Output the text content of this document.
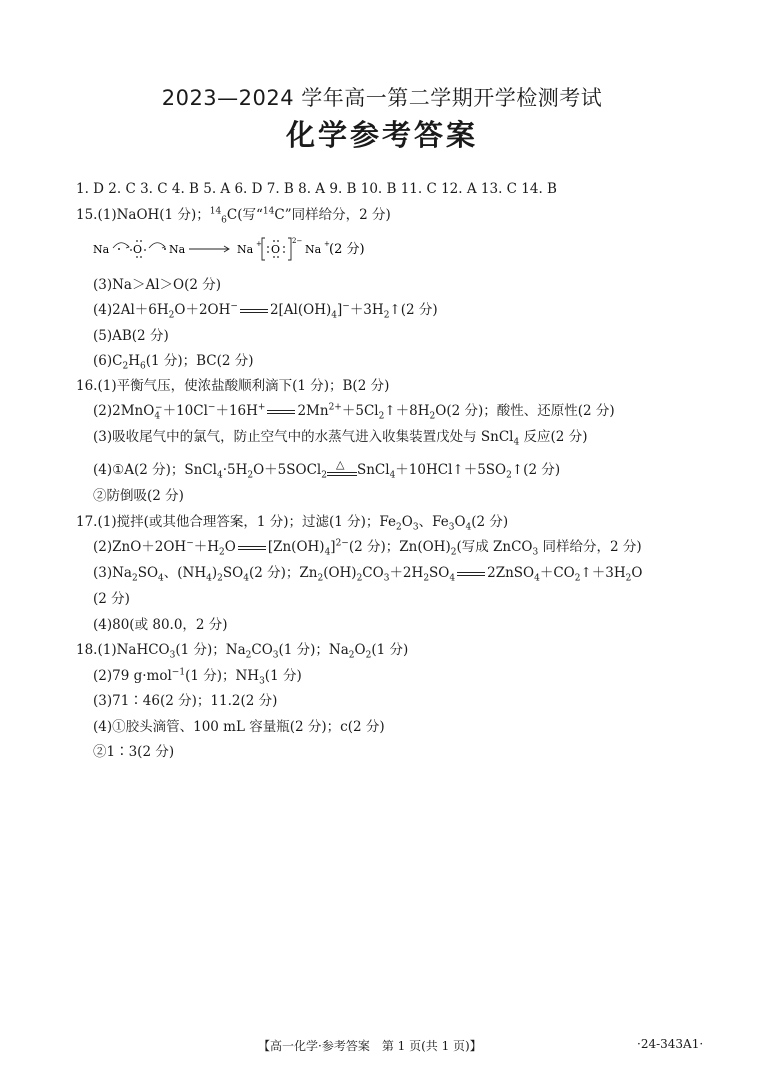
2023—2024 学年高一第二学期开学检测考试
化学参考答案
1. D 2. C 3. C 4. B 5. A 6. D 7. B 8. A 9. B 10. B 11. C 12. A 13. C 14. B
15.(1)NaOH(1 分)；$^{14}_6$C(写“$^{14}$C”同样给分，2 分)
Na O Na	Na + O
2−
Na + (2 分)
(3)Na＞Al＞O(2 分)
$(4)2Al+6H_2O+2OH^-$ $2[Al(OH)_4]^-+3H_2↑(2$ 分)
(5)AB(2 分)
$(6)C_2H_6(1$ 分)；BC(2 分)
16.(1)平衡气压，使浓盐酸顺利滴下(1 分)；B(2 分)
(2)2MnO$_4$−＋10Cl−＋16H+ $2Mn^{2+}+5Cl_2↑+8H_2O(2$ 分)；酸性、还原性(2 分)
(3)吸收尾气中的氯气，防止空气中的水蒸气进入收集装置戊处与 SnCl$_4$ 反应(2 分)
(4)①A(2 分)；$SnCl_4\cdot 5H_2O+5SOCl_2$
△ $SnCl_4+10HCl↑+5SO_2↑(2$ 分)
②防倒吸(2 分)
17.(1)搅拌(或其他合理答案，1 分)；过滤(1 分)；$Fe_2O_3$、$Fe_3O_4(2$ 分)
$(2)ZnO+2OH^-+H_2O$ $[Zn(OH)_4]^{2-}(2$ 分)；$Zn(OH)_2$(写成 ZnCO$_3$ 同样给分，2 分)
$(3)Na_2SO_4$、$(NH_4)_2SO_4(2$ 分)；$Zn_2(OH)_2CO_3+2H_2SO_4$ $2ZnSO_4+CO_2↑+3H_2O$
(2 分)
(4)80(或 80.0，2 分)
18.(1)NaHCO$_3$(1 分)；$Na_2CO_3(1$ 分)；$Na_2O_2(1$ 分)
(2)79 g·mol$^{-1}$(1 分)；$NH_3(1$ 分)
(3)71∶46(2 分)；11.2(2 分)
(4)①胶头滴管、100 mL 容量瓶(2 分)；c(2 分)
②1∶3(2 分)
【高一化学·参考答案　第 1 页(共 1 页)】	·24-343A1·
